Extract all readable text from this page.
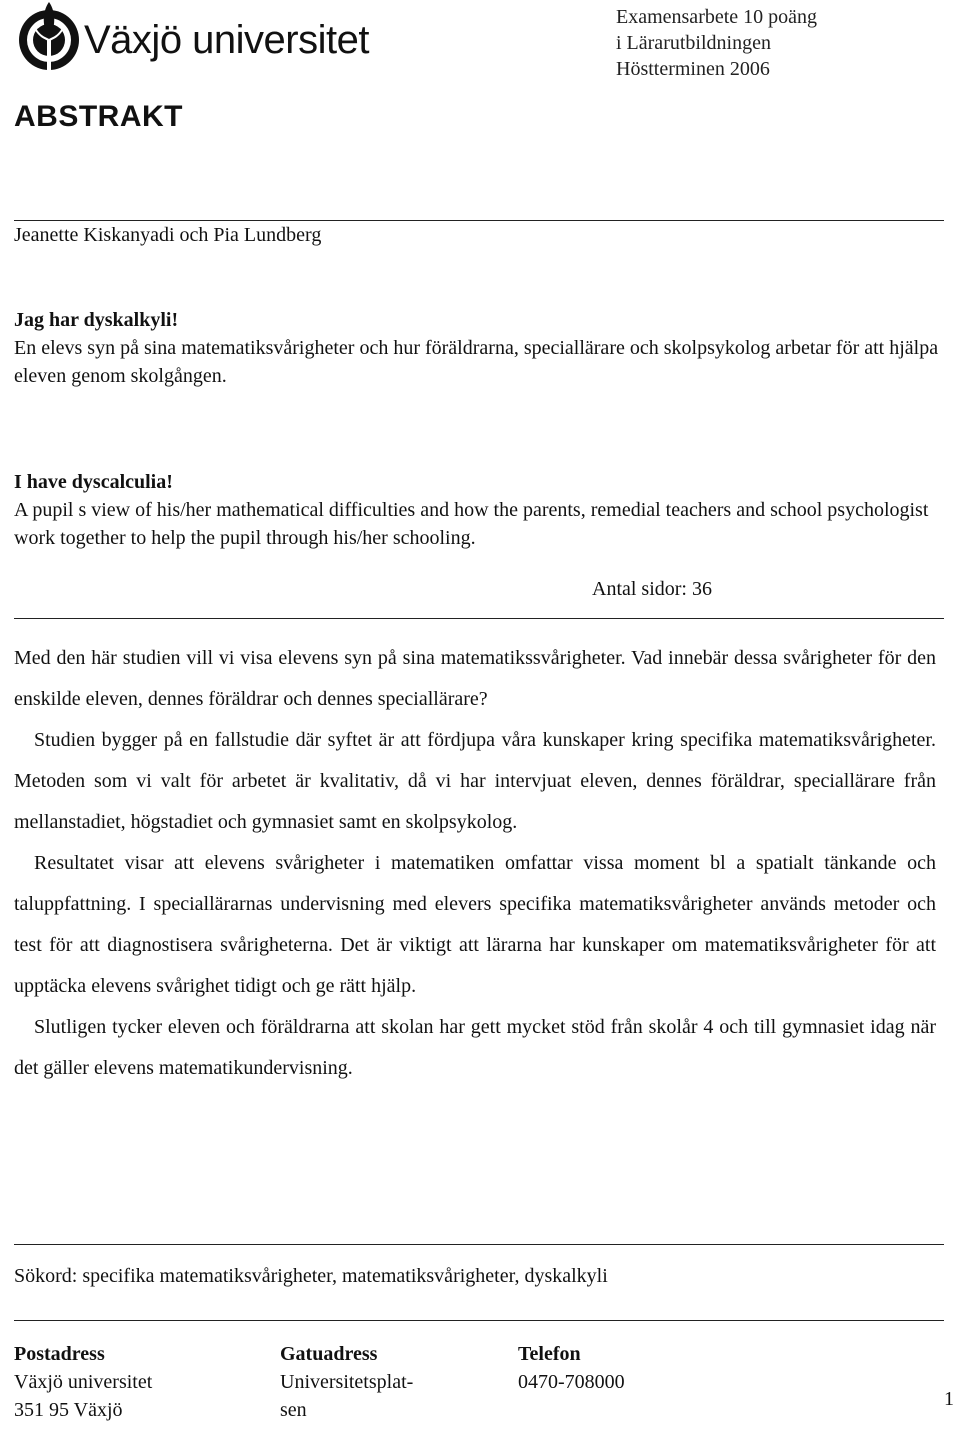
Växjö universitet
Examensarbete 10 poäng
i Lärarutbildningen
Höstterminen 2006
ABSTRAKT
Jeanette Kiskanyadi och Pia Lundberg
Jag har dyskalkyli!
En elevs syn på sina matematiksvårigheter och hur föräldrarna, speciallärare och skolpsykolog arbetar för att hjälpa eleven genom skolgången.
I have dyscalculia!
A pupil s view of his/her mathematical difficulties and how the parents, remedial teachers and school psychologist work together to help the pupil through his/her schooling.
Antal sidor: 36

Med den här studien vill vi visa elevens syn på sina matematikssvårigheter. Vad innebär dessa svårigheter för den enskilde eleven, dennes föräldrar och dennes speciallärare?

Studien bygger på en fallstudie där syftet är att fördjupa våra kunskaper kring specifika matematiksvårigheter. Metoden som vi valt för arbetet är kvalitativ, då vi har intervjuat eleven, dennes föräldrar, speciallärare från mellanstadiet, högstadiet och gymnasiet samt en skolpsykolog.

Resultatet visar att elevens svårigheter i matematiken omfattar vissa moment bl a spatialt tänkande och taluppfattning. I speciallärarnas undervisning med elevers specifika matematiksvårigheter används metoder och test för att diagnostisera svårigheterna. Det är viktigt att lärarna har kunskaper om matematiksvårigheter för att upptäcka elevens svårighet tidigt och ge rätt hjälp.

Slutligen tycker eleven och föräldrarna att skolan har gett mycket stöd från skolår 4 och till gymnasiet idag när det gäller elevens matematikundervisning.

Sökord: specifika matematiksvårigheter, matematiksvårigheter, dyskalkyli
Postadress
Växjö universitet
351 95 Växjö
Gatuadress
Universitetsplat-
sen
Telefon
0470-708000
1
